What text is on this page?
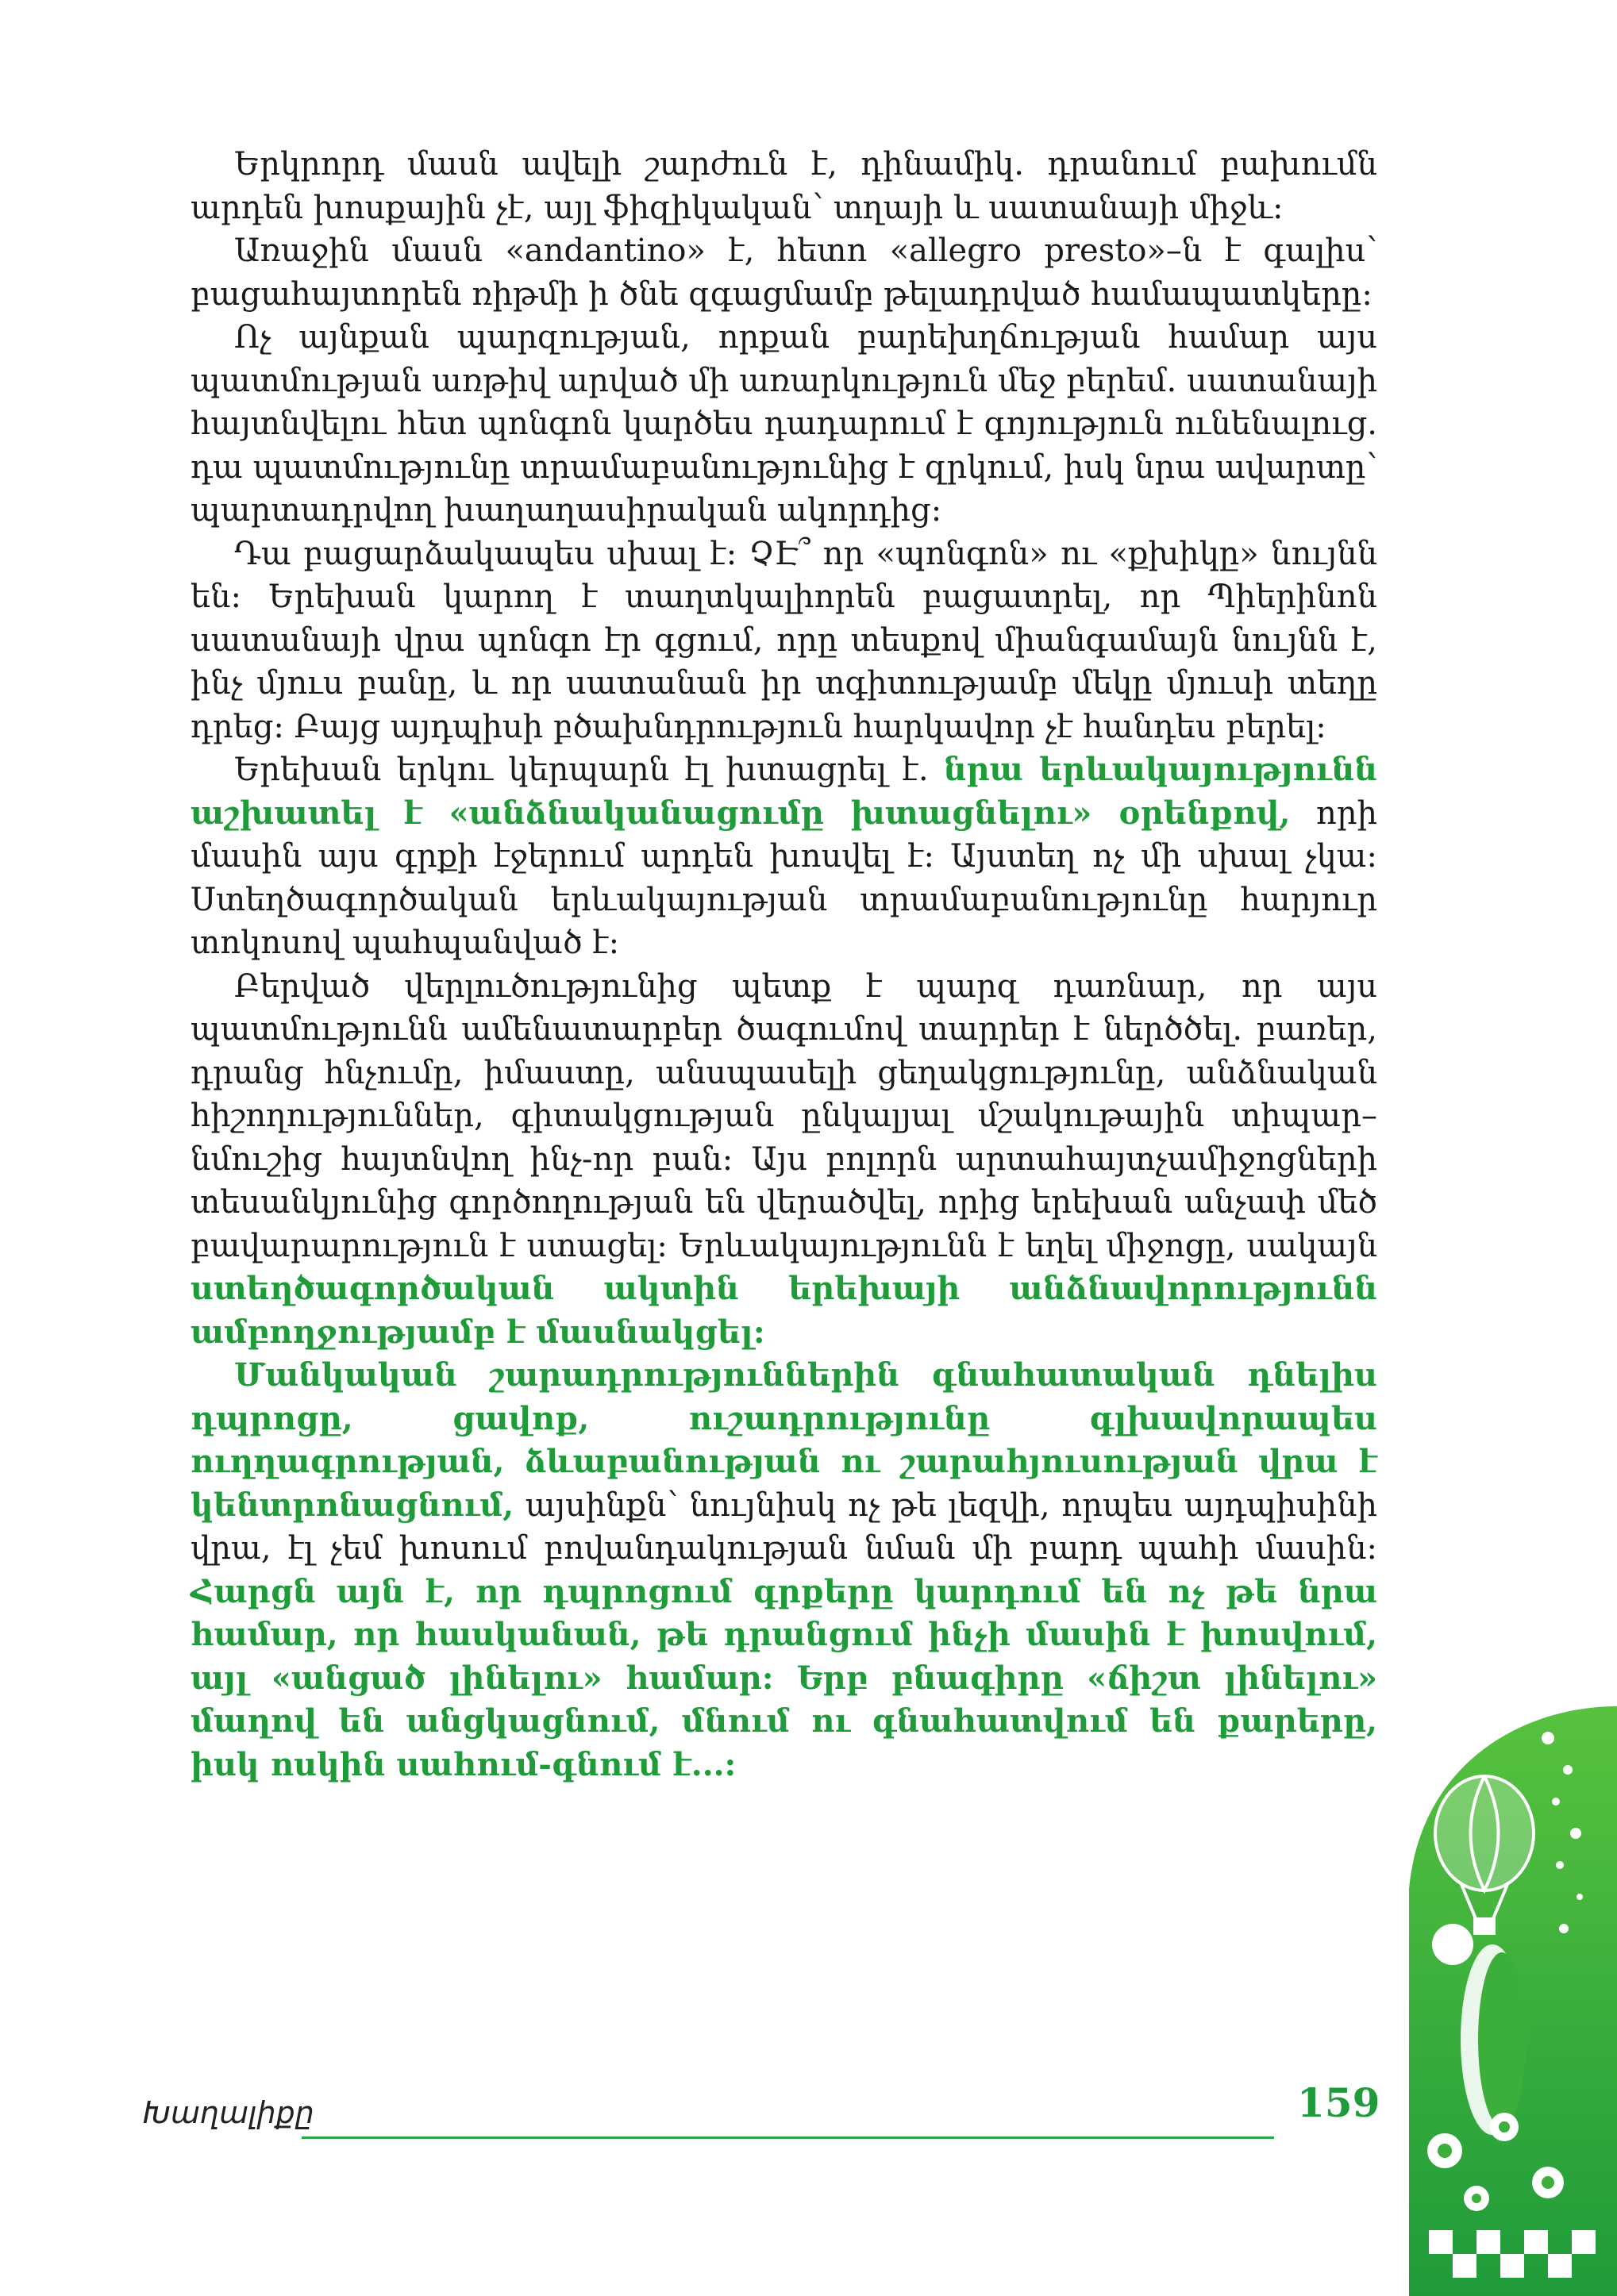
Երկրորդ մասն ավելի շարժուն է, դինամիկ. դրանում բախումն արդեն խոսքային չէ, այլ ֆիզիկական՝ տղայի և սատանայի միջև:

Առաջին մասն «andantino» է, հետո «allegro presto»–ն է գալիս՝ բացահայտորեն ռիթմի ի ծնե զգացմամբ թելադրված համապատկերը:

Ոչ այնքան պարզության, որքան բարեխղճության համար այս պատմության առթիվ արված մի առարկություն մեջ բերեմ. սատանայի հայտնվելու հետ պոնգոն կարծես դադարում է գոյություն ունենալուց. դա պատմությունը տրամաբանությունից է զրկում, իսկ նրա ավարտը՝ պարտադրվող խաղաղասիրական ակորդից:

Դա բացարձակապես սխալ է: ՉԷ՞ որ «պոնգոն» ու «քխիկը» նույնն են: Երեխան կարող է տաղտկալիորեն բացատրել, որ Պիերինոն սատանայի վրա պոնգո էր գցում, որը տեսքով միանգամայն նույնն է, ինչ մյուս բանը, և որ սատանան իր տգիտությամբ մեկը մյուսի տեղը դրեց: Բայց այդպիսի բծախնդրություն հարկավոր չէ հանդես բերել:

Երեխան երկու կերպարն էլ խտացրել է. նրա երևակայությունն աշխատել է «անձնականացումը խտացնելու» օրենքով, որի մասին այս գրքի էջերում արդեն խոսվել է: Այստեղ ոչ մի սխալ չկա: Ստեղծագործական երևակայության տրամաբանությունը հարյուր տոկոսով պահպանված է:

Բերված վերլուծությունից պետք է պարզ դառնար, որ այս պատմությունն ամենատարբեր ծագումով տարրեր է ներծծել. բառեր, դրանց հնչումը, իմաստը, անսպասելի ցեղակցությունը, անձնական հիշողություններ, գիտակցության ընկալյալ մշակութային տիպար–նմուշից հայտնվող ինչ-որ բան: Այս բոլորն արտահայտչամիջոցների տեսանկյունից գործողության են վերածվել, որից երեխան անչափ մեծ բավարարություն է ստացել: Երևակայությունն է եղել միջոցը, սակայն ստեղծագործական ակտին երեխայի անձնավորությունն ամբողջությամբ է մասնակցել:

Մանկական շարադրություններին գնահատական դնելիս դպրոցը, ցավոք, ուշադրությունը գլխավորապես ուղղագրության, ձևաբանության ու շարահյուսության վրա է կենտրոնացնում, այսինքն՝ նույնիսկ ոչ թե լեզվի, որպես այդպիսինի վրա, էլ չեմ խոսում բովանդակության նման մի բարդ պահի մասին: Հարցն այն է, որ դպրոցում գրքերը կարդում են ոչ թե նրա համար, որ հասկանան, թե դրանցում ինչի մասին է խոսվում, այլ «անցած լինելու» համար: Երբ բնագիրը «ճիշտ լինելու» մաղով են անցկացնում, մնում ու գնահատվում են քարերը, իսկ ոսկին սահում-գնում է...:

Խաղալիքը	159
